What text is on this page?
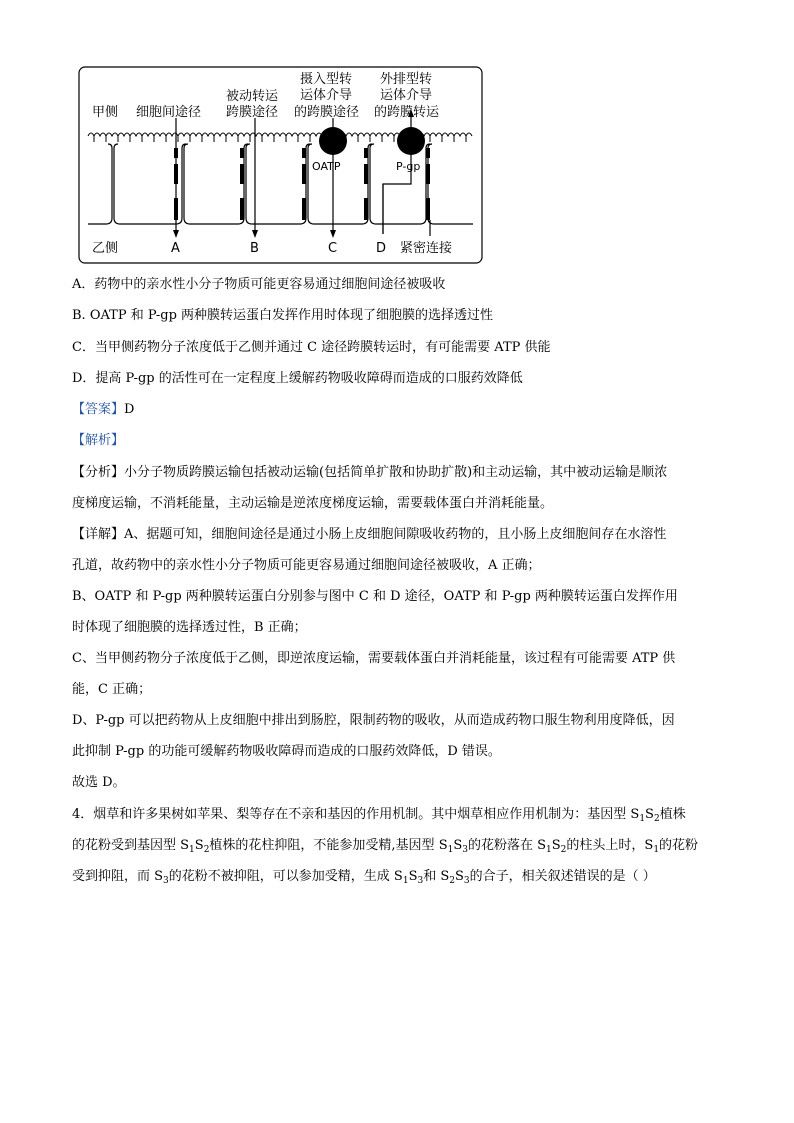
甲侧 细胞间途径
被动转运
跨膜途径
摄入型转
运体介导
的跨膜途径
外排型转
运体介导
的跨膜转运
OATP	P-gp
乙侧	A	B	C	D 紧密连接
A．药物中的亲水性小分子物质可能更容易通过细胞间途径被吸收
B. OATP 和 P-gp 两种膜转运蛋白发挥作用时体现了细胞膜的选择透过性
C．当甲侧药物分子浓度低于乙侧并通过 C 途径跨膜转运时，有可能需要 ATP 供能
D．提高 P-gp 的活性可在一定程度上缓解药物吸收障碍而造成的口服药效降低
【答案】D
【解析】
【分析】小分子物质跨膜运输包括被动运输(包括简单扩散和协助扩散)和主动运输，其中被动运输是顺浓
度梯度运输，不消耗能量，主动运输是逆浓度梯度运输，需要载体蛋白并消耗能量。
【详解】A、据题可知，细胞间途径是通过小肠上皮细胞间隙吸收药物的，且小肠上皮细胞间存在水溶性
孔道，故药物中的亲水性小分子物质可能更容易通过细胞间途径被吸收，A 正确；
B、OATP 和 P-gp 两种膜转运蛋白分别参与图中 C 和 D 途径，OATP 和 P-gp 两种膜转运蛋白发挥作用
时体现了细胞膜的选择透过性，B 正确；
C、当甲侧药物分子浓度低于乙侧，即逆浓度运输，需要载体蛋白并消耗能量，该过程有可能需要 ATP 供
能，C 正确；
D、P-gp 可以把药物从上皮细胞中排出到肠腔，限制药物的吸收，从而造成药物口服生物利用度降低，因
此抑制 P-gp 的功能可缓解药物吸收障碍而造成的口服药效降低，D 错误。
故选 D。
4．烟草和许多果树如苹果、梨等存在不亲和基因的作用机制。其中烟草相应作用机制为：基因型 $S_1S_2$植株
的花粉受到基因型 $S_1S_2$植株的花柱抑阻，不能参加受精,基因型 $S_1S_3$的花粉落在 $S_1S_2$的柱头上时，$S_1$的花粉
受到抑阻，而 $S_3$的花粉不被抑阻，可以参加受精，生成 $S_1S_3$和 $S_2S_3$的合子，相关叙述错误的是（ ）
